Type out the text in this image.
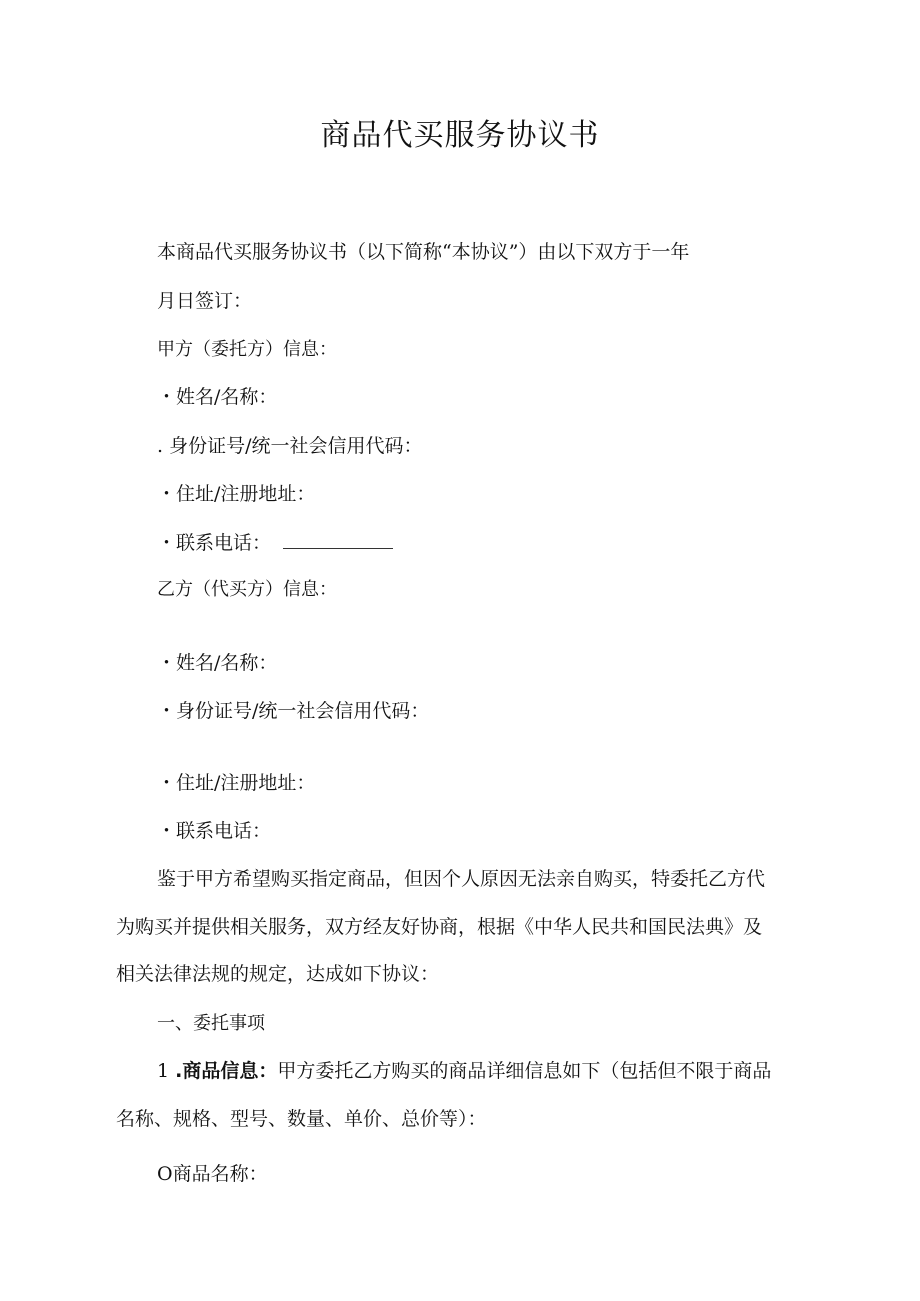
商品代买服务协议书
本商品代买服务协议书（以下简称“本协议”）由以下双方于一年
月日签订：
甲方（委托方）信息：
・姓名/名称：
. 身份证号/统一社会信用代码：
・住址/注册地址：
・联系电话：
乙方（代买方）信息：
・姓名/名称：
・身份证号/统一社会信用代码：
・住址/注册地址：
・联系电话：
鉴于甲方希望购买指定商品，但因个人原因无法亲自购买，特委托乙方代
为购买并提供相关服务，双方经友好协商，根据《中华人民共和国民法典》及
相关法律法规的规定，达成如下协议：
一、委托事项
1 .商品信息：甲方委托乙方购买的商品详细信息如下（包括但不限于商品
名称、规格、型号、数量、单价、总价等）：
O商品名称：
